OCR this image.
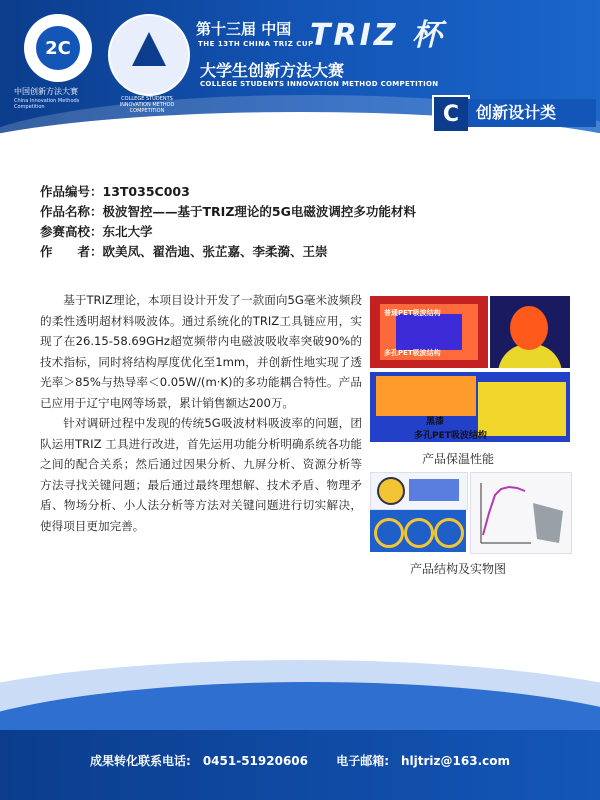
2C
中国创新方法大赛
China Innovation Methods Competition
COLLEGE STUDENTS INNOVATION METHOD COMPETITION
第十三届 中国
THE 13TH CHINA TRIZ CUP
TRIZ 杯
大学生创新方法大赛
COLLEGE STUDENTS INNOVATION METHOD COMPETITION
C	创新设计类
作品编号：13T035C003
作品名称：极波智控——基于TRIZ理论的5G电磁波调控多功能材料
参赛高校：东北大学
作　　者：欧美凤、翟浩迪、张芷嘉、李柔漪、王崇

基于TRIZ理论，本项目设计开发了一款面向5G毫米波频段的柔性透明超材料吸波体。通过系统化的TRIZ工具链应用，实现了在26.15-58.69GHz超宽频带内电磁波吸收率突破90%的技术指标，同时将结构厚度优化至1mm，并创新性地实现了透光率＞85%与热导率＜0.05W/(m·K)的多功能耦合特性。产品已应用于辽宁电网等场景，累计销售额达200万。

针对调研过程中发现的传统5G吸波材料吸波率的问题，团队运用TRIZ 工具进行改进，首先运用功能分析明确系统各功能之间的配合关系；然后通过因果分析、九屏分析、资源分析等方法寻找关键问题；最后通过最终理想解、技术矛盾、物理矛盾、物场分析、小人法分析等方法对关键问题进行切实解决，使得项目更加完善。

普通PET吸波结构
多孔PET吸波结构
黑漆
多孔PET吸波结构
产品保温性能
产品结构及实物图
成果转化联系电话: 0451-51920606 电子邮箱: hljtriz@163.com
